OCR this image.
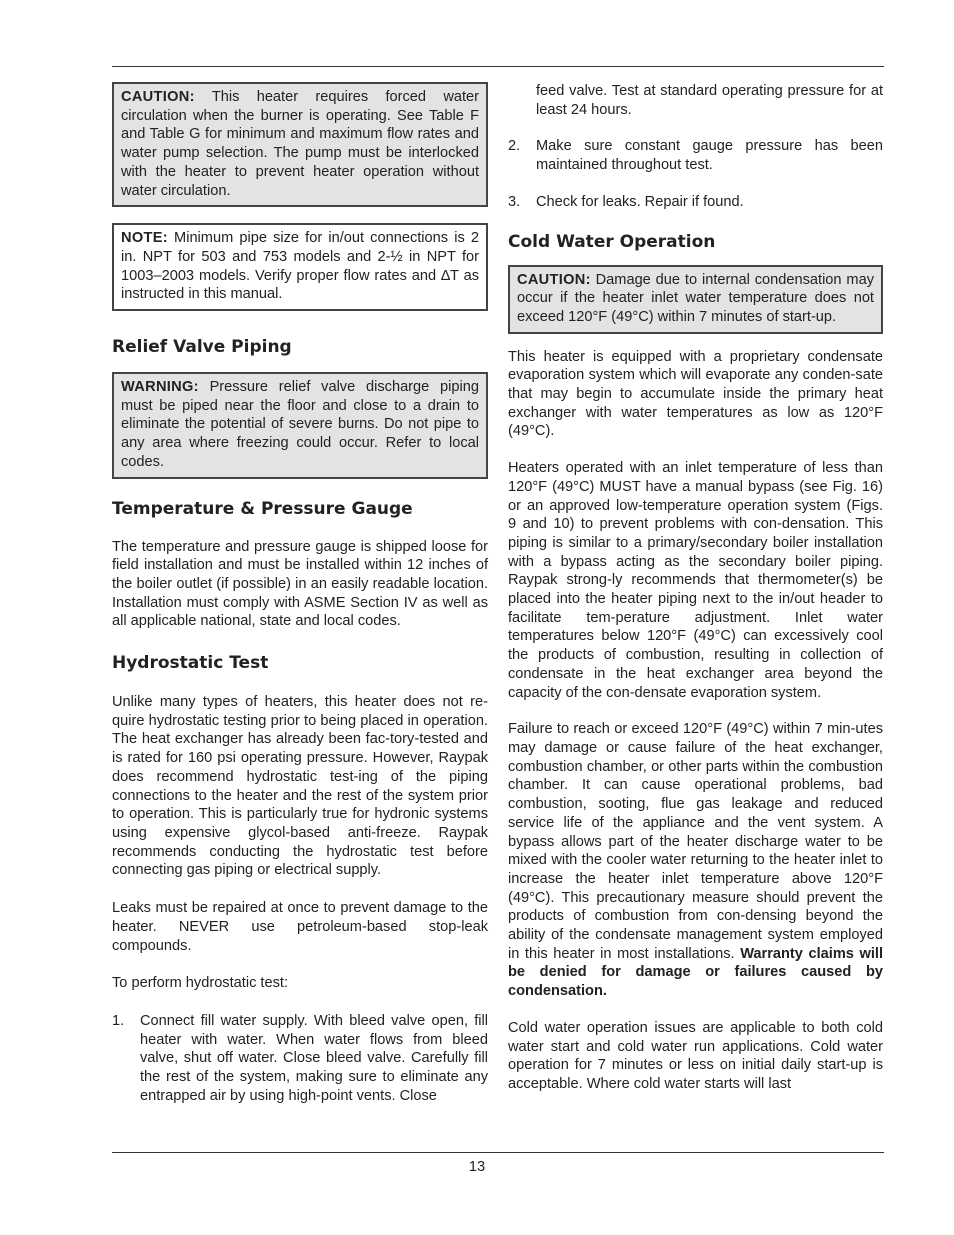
CAUTION: This heater requires forced water circulation when the burner is operating. See Table F and Table G for minimum and maximum flow rates and water pump selection. The pump must be interlocked with the heater to prevent heater operation without water circulation.
NOTE: Minimum pipe size for in/out connections is 2 in. NPT for 503 and 753 models and 2-½ in NPT for 1003–2003 models. Verify proper flow rates and ∆T as instructed in this manual.
Relief Valve Piping
WARNING: Pressure relief valve discharge piping must be piped near the floor and close to a drain to eliminate the potential of severe burns. Do not pipe to any area where freezing could occur. Refer to local codes.
Temperature & Pressure Gauge

The temperature and pressure gauge is shipped loose for field installation and must be installed within 12 inches of the boiler outlet (if possible) in an easily readable location. Installation must comply with ASME Section IV as well as all applicable national, state and local codes.

Hydrostatic Test

Unlike many types of heaters, this heater does not re-quire hydrostatic testing prior to being placed in operation. The heat exchanger has already been fac-tory-tested and is rated for 160 psi operating pressure. However, Raypak does recommend hydrostatic test-ing of the piping connections to the heater and the rest of the system prior to operation. This is particularly true for hydronic systems using expensive glycol-based anti-freeze. Raypak recommends conducting the hydrostatic test before connecting gas piping or electrical supply.

Leaks must be repaired at once to prevent damage to the heater. NEVER use petroleum-based stop-leak compounds.

To perform hydrostatic test:

1. Connect fill water supply. With bleed valve open, fill heater with water. When water flows from bleed valve, shut off water. Close bleed valve. Carefully fill the rest of the system, making sure to eliminate any entrapped air by using high-point vents. Close
feed valve. Test at standard operating pressure for at least 24 hours.
2. Make sure constant gauge pressure has been maintained throughout test.
3. Check for leaks. Repair if found.
Cold Water Operation
CAUTION: Damage due to internal condensation may occur if the heater inlet water temperature does not exceed 120°F (49°C) within 7 minutes of start-up.

This heater is equipped with a proprietary condensate evaporation system which will evaporate any conden-sate that may begin to accumulate inside the primary heat exchanger with water temperatures as low as 120°F (49°C).

Heaters operated with an inlet temperature of less than 120°F (49°C) MUST have a manual bypass (see Fig. 16) or an approved low-temperature operation system (Figs. 9 and 10) to prevent problems with con-densation. This piping is similar to a primary/secondary boiler installation with a bypass acting as the secondary boiler piping. Raypak strong-ly recommends that thermometer(s) be placed into the heater piping next to the in/out header to facilitate tem-perature adjustment. Inlet water temperatures below 120°F (49°C) can excessively cool the products of combustion, resulting in collection of condensate in the heat exchanger area beyond the capacity of the con-densate evaporation system.

Failure to reach or exceed 120°F (49°C) within 7 min-utes may damage or cause failure of the heat exchanger, combustion chamber, or other parts within the combustion chamber. It can cause operational problems, bad combustion, sooting, flue gas leakage and reduced service life of the appliance and the vent system. A bypass allows part of the heater discharge water to be mixed with the cooler water returning to the heater inlet to increase the heater inlet temperature above 120°F (49°C). This precautionary measure should prevent the products of combustion from con-densing beyond the ability of the condensate management system employed in this heater in most installations. Warranty claims will be denied for damage or failures caused by condensation.

Cold water operation issues are applicable to both cold water start and cold water run applications. Cold water operation for 7 minutes or less on initial daily start-up is acceptable. Where cold water starts will last

13
